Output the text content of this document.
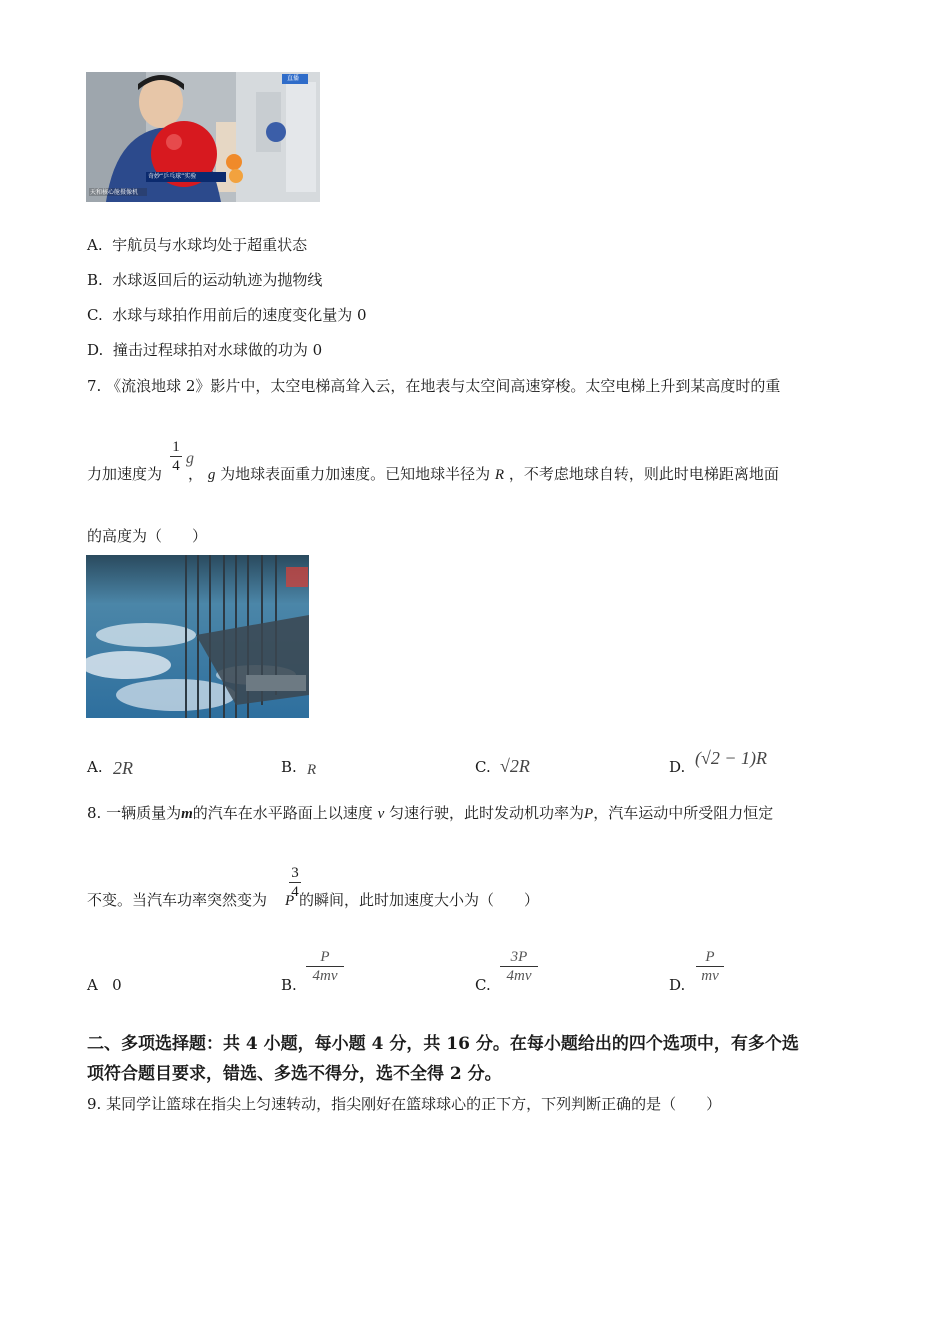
奇妙“乒乓球”实验
直播
天和核心舱摄像机
A. 宇航员与水球均处于超重状态
B. 水球返回后的运动轨迹为抛物线
C. 水球与球拍作用前后的速度变化量为 0
D. 撞击过程球拍对水球做的功为 0
7. 《流浪地球 2》影片中，太空电梯高耸入云，在地表与太空间高速穿梭。太空电梯上升到某高度时的重
力加速度为 ， g 为地球表面重力加速度。已知地球半径为 R ，不考虑地球自转，则此时电梯距离地面
1
4 g
的高度为（　　）
A. 2R	B. R	C. √2R	D. (√2 − 1)R
8. 一辆质量为m的汽车在水平路面上以速度 v 匀速行驶，此时发动机功率为P，汽车运动中所受阻力恒定
不变。当汽车功率突然变为 P 的瞬间，此时加速度大小为（　　）
3
4
A 0	B.
P
4mv	C.
3P
4mv	D.
P
mv
二、多项选择题：共 4 小题，每小题 4 分，共 16 分。在每小题给出的四个选项中，有多个选
项符合题目要求，错选、多选不得分，选不全得 2 分。
9. 某同学让篮球在指尖上匀速转动，指尖刚好在篮球球心的正下方，下列判断正确的是（　　）
